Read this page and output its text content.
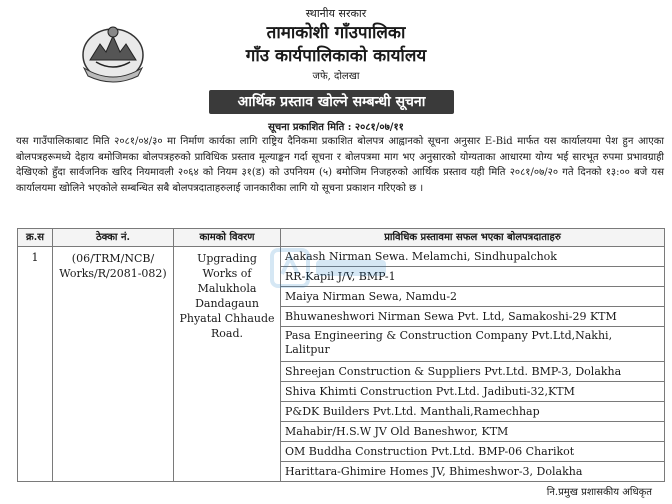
स्थानीय सरकार
तामाकोशी गाँउपालिका
गाँउ कार्यपालिकाको कार्यालय
जफे, दोलखा
आर्थिक प्रस्ताव खोल्ने सम्बन्धी सूचना
सूचना प्रकाशित मिति : २०८१/०७/११

यस गाउँपालिकाबाट मिति २०८१/०४/३० मा निर्माण कार्यका लागि राष्ट्रिय दैनिकमा प्रकाशित बोलपत्र आह्वानको सूचना अनुसार E-Bid मार्फत यस कार्यालयमा पेश हुन आएका बोलपत्रहरूमध्ये देहाय बमोजिमका बोलपत्रहरुको प्राविधिक प्रस्ताव मूल्याङ्कन गर्दा सूचना र बोलपत्रमा माग भए अनुसारको योग्यताका आधारमा योग्य भई सारभूत रुपमा प्रभावग्राही देखिएको हुँदा सार्वजनिक खरिद नियमावली २०६४ को नियम ३१(ड) को उपनियम (५) बमोजिम निजहरुको आर्थिक प्रस्ताव यही मिति २०८१/०७/२० गते दिनको १३:०० बजे यस कार्यालयमा खोलिने भएकोले सम्बन्धित सबै बोलपत्रदाताहरुलाई जानकारीका लागि यो सूचना प्रकाशन गरिएको छ ।

क्र.स	ठेक्का नं.	कामको विवरण	प्राविधिक प्रस्तावमा सफल भएका बोलपत्रदाताहरु
1	(06/TRM/NCB/ Works/R/2081-082)	Upgrading Works of Malukhola Dandagaun Phyatal Chhaude Road.	Aakash Nirman Sewa. Melamchi, Sindhupalchok
			RR-Kapil J/V, BMP-1
			Maiya Nirman Sewa, Namdu-2
			Bhuwaneshwori Nirman Sewa Pvt. Ltd, Samakoshi-29 KTM
			Pasa Engineering & Construction Company Pvt.Ltd,Nakhi, Lalitpur
			Shreejan Construction & Suppliers Pvt.Ltd. BMP-3, Dolakha
			Shiva Khimti Construction Pvt.Ltd. Jadibuti-32,KTM
			P&DK Builders Pvt.Ltd. Manthali,Ramechhap
			Mahabir/H.S.W JV Old Baneshwor, KTM
			OM Buddha Construction Pvt.Ltd. BMP-06 Charikot
			Harittara-Ghimire Homes JV, Bhimeshwor-3, Dolakha
नि.प्रमुख प्रशासकीय अधिकृत
